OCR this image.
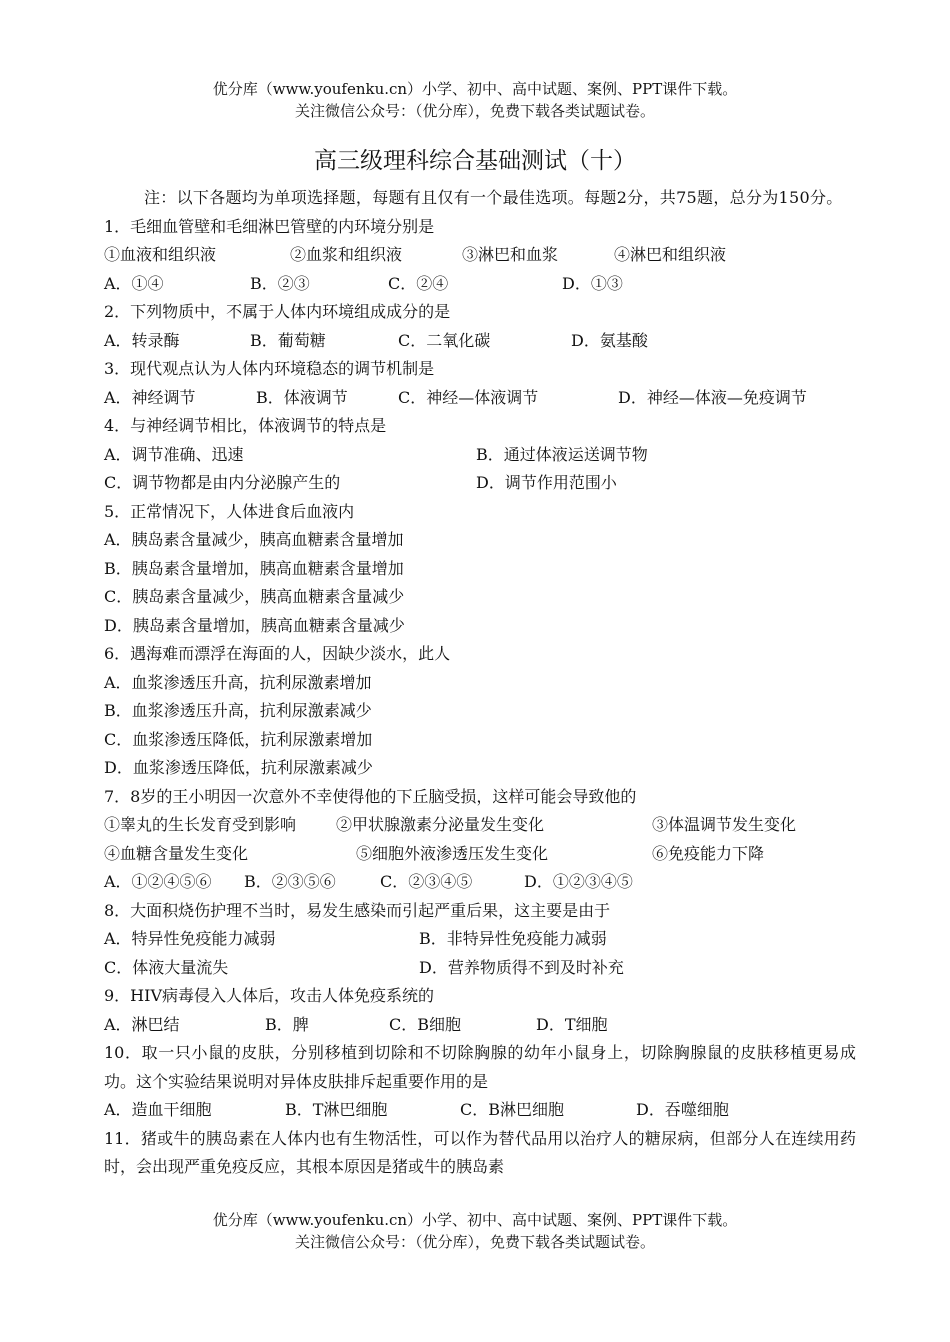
优分库（www.youfenku.cn）小学、初中、高中试题、案例、PPT课件下载。
关注微信公众号：（优分库），免费下载各类试题试卷。
高三级理科综合基础测试（十）
注：以下各题均为单项选择题，每题有且仅有一个最佳选项。每题2分，共75题，总分为150分。
1．毛细血管壁和毛细淋巴管壁的内环境分别是
①血液和组织液	②血浆和组织液	③淋巴和血浆	④淋巴和组织液
A．①④	B．②③	C．②④	D．①③
2．下列物质中，不属于人体内环境组成成分的是
A．转录酶	B．葡萄糖	C．二氧化碳	D．氨基酸
3．现代观点认为人体内环境稳态的调节机制是
A．神经调节	B．体液调节	C．神经—体液调节	D．神经—体液—免疫调节
4．与神经调节相比，体液调节的特点是
A．调节准确、迅速	B．通过体液运送调节物
C．调节物都是由内分泌腺产生的	D．调节作用范围小
5．正常情况下，人体进食后血液内
A．胰岛素含量减少，胰高血糖素含量增加
B．胰岛素含量增加，胰高血糖素含量增加
C．胰岛素含量减少，胰高血糖素含量减少
D．胰岛素含量增加，胰高血糖素含量减少
6．遇海难而漂浮在海面的人，因缺少淡水，此人
A．血浆渗透压升高，抗利尿激素增加
B．血浆渗透压升高，抗利尿激素减少
C．血浆渗透压降低，抗利尿激素增加
D．血浆渗透压降低，抗利尿激素减少
7．8岁的王小明因一次意外不幸使得他的下丘脑受损，这样可能会导致他的
①睾丸的生长发育受到影响 ②甲状腺激素分泌量发生变化	③体温调节发生变化
④血糖含量发生变化	⑤细胞外液渗透压发生变化	⑥免疫能力下降
A．①②④⑤⑥ B．②③⑤⑥	C．②③④⑤	D．①②③④⑤
8．大面积烧伤护理不当时，易发生感染而引起严重后果，这主要是由于
A．特异性免疫能力减弱	B．非特异性免疫能力减弱
C．体液大量流失	D．营养物质得不到及时补充
9．HIV病毒侵入人体后，攻击人体免疫系统的
A．淋巴结	B．脾	C．B细胞	D．T细胞
10．取一只小鼠的皮肤，分别移植到切除和不切除胸腺的幼年小鼠身上，切除胸腺鼠的皮肤移植更易成功。这个实验结果说明对异体皮肤排斥起重要作用的是
A．造血干细胞	B．T淋巴细胞	C．B淋巴细胞	D．吞噬细胞
11．猪或牛的胰岛素在人体内也有生物活性，可以作为替代品用以治疗人的糖尿病，但部分人在连续用药时，会出现严重免疫反应，其根本原因是猪或牛的胰岛素
优分库（www.youfenku.cn）小学、初中、高中试题、案例、PPT课件下载。
关注微信公众号：（优分库），免费下载各类试题试卷。
